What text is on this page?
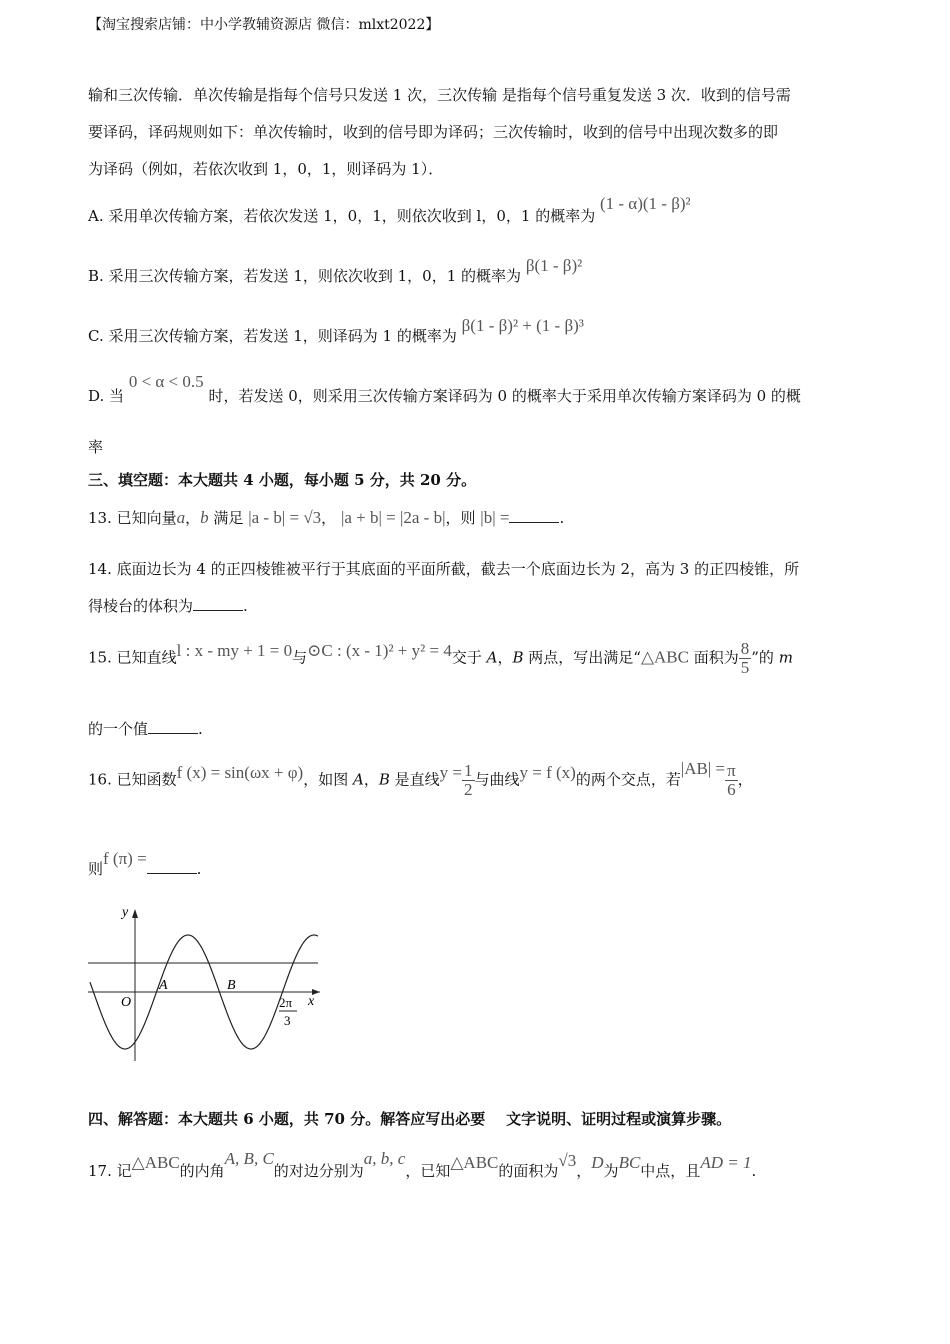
【淘宝搜索店铺：中小学教辅资源店 微信：mlxt2022】
输和三次传输．单次传输是指每个信号只发送 1 次，三次传输 是指每个信号重复发送 3 次．收到的信号需
要译码，译码规则如下：单次传输时，收到的信号即为译码；三次传输时，收到的信号中出现次数多的即
为译码（例如，若依次收到 1，0，1，则译码为 1）．
A. 采用单次传输方案，若依次发送 1，0，1，则依次收到 l，0，1 的概率为 (1 - α)(1 - β)²
B. 采用三次传输方案，若发送 1，则依次收到 1，0，1 的概率为 β(1 - β)²
C. 采用三次传输方案，若发送 1，则译码为 1 的概率为 β(1 - β)² + (1 - β)³
D. 当 0 < α < 0.5 时，若发送 0，则采用三次传输方案译码为 0 的概率大于采用单次传输方案译码为 0 的概
率
三、填空题：本大题共 4 小题，每小题 5 分，共 20 分。
13. 已知向量a，b 满足 |a - b| = √3， |a + b| = |2a - b|，则 |b| =	.
14. 底面边长为 4 的正四棱锥被平行于其底面的平面所截，截去一个底面边长为 2，高为 3 的正四棱锥，所
得棱台的体积为	.
15. 已知直线l : x - my + 1 = 0与⊙C : (x - 1)² + y² = 4交于 A，B 两点，写出满足“△ABC 面积为 $\frac{8}{5}$ ”的 m
的一个值	.
16. 已知函数f (x) = sin(ωx + φ)，如图 A，B 是直线$y = \frac{1}{2}$ 与曲线y = f (x)的两个交点，若$|AB| = \frac{\pi}{6}$ ，
则f (π) =.
y
x
O
A	B
2π
3
四、解答题：本大题共 6 小题，共 70 分。解答应写出必要    文字说明、证明过程或演算步骤。
17. 记△ABC的内角A, B, C的对边分别为a, b, c，已知△ABC的面积为√3，D为BC中点，且AD = 1.
